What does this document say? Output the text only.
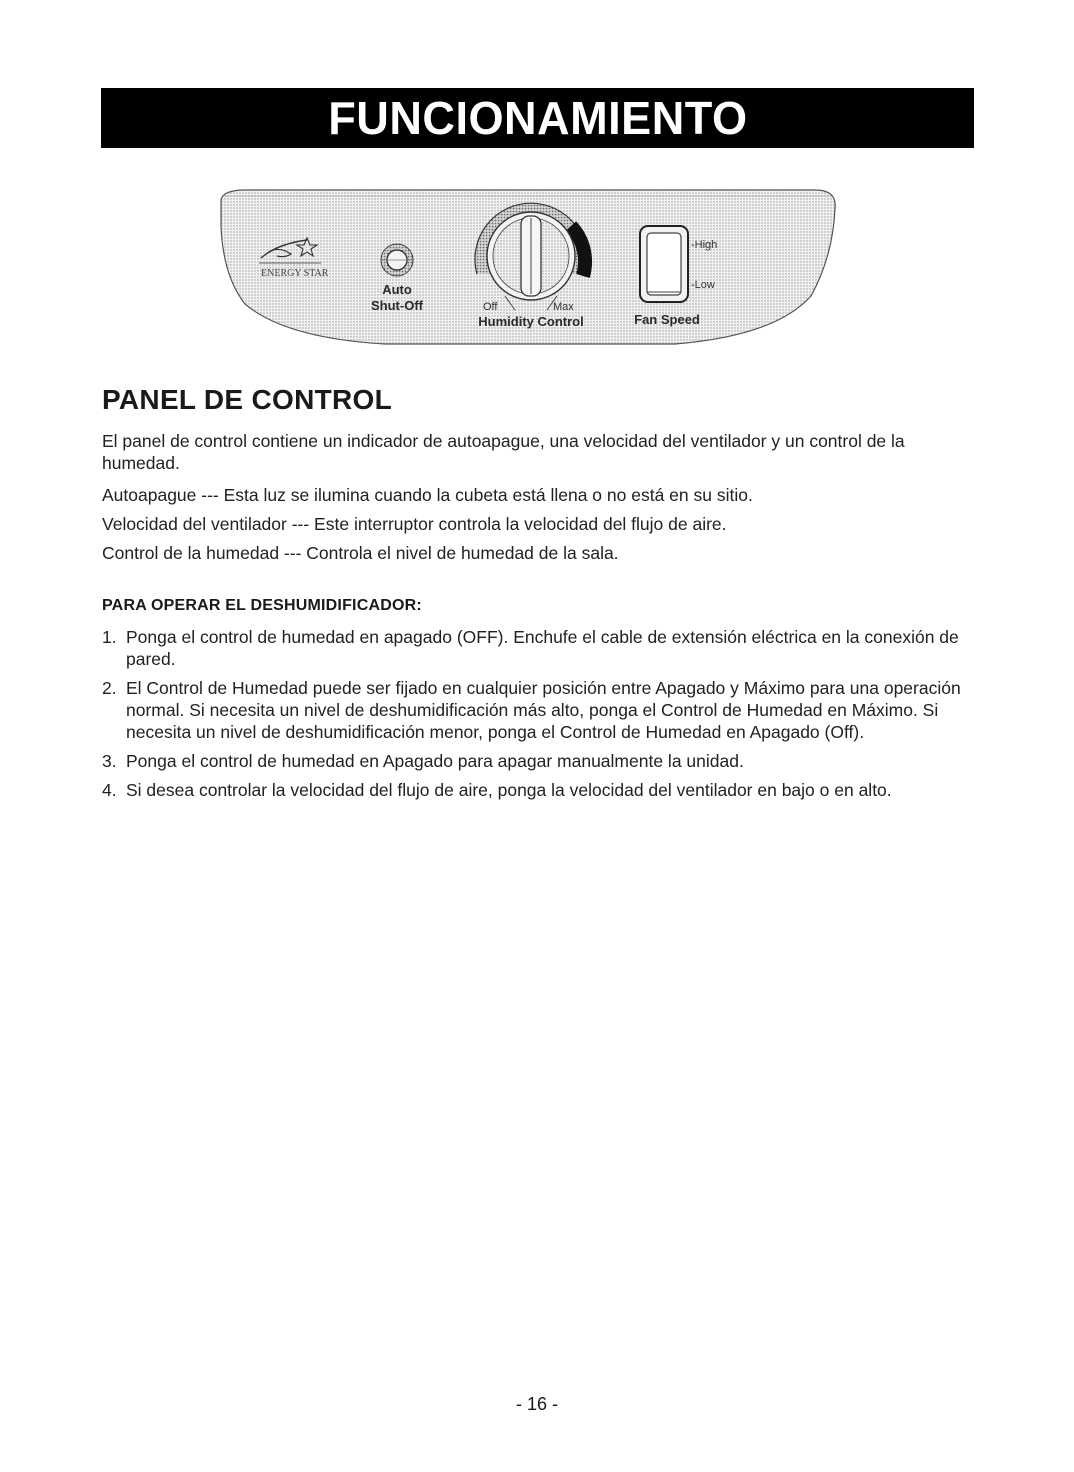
FUNCIONAMIENTO
ENERGY STAR
Auto
Shut-Off	Off	Max
Humidity Control
-High
-Low
Fan Speed
PANEL DE CONTROL

El panel de control contiene un indicador de autoapague, una velocidad del ventilador y un control de la humedad.

Autoapague --- Esta luz se ilumina cuando la cubeta está llena o no está en su sitio.

Velocidad del ventilador --- Este interruptor controla la velocidad del flujo de aire.

Control de la humedad --- Controla el nivel de humedad de la sala.

PARA OPERAR EL DESHUMIDIFICADOR:
1. Ponga el control de humedad en apagado (OFF). Enchufe el cable de extensión eléctrica en la conexión de pared.
2. El Control de Humedad puede ser fijado en cualquier posición entre Apagado y Máximo para una operación normal. Si necesita un nivel de deshumidificación más alto, ponga el Control de Humedad en Máximo. Si necesita un nivel de deshumidificación menor, ponga el Control de Humedad en Apagado (Off).
3. Ponga el control de humedad en Apagado para apagar manualmente la unidad.
4. Si desea controlar la velocidad del flujo de aire, ponga la velocidad del ventilador en bajo o en alto.

- 16 -
